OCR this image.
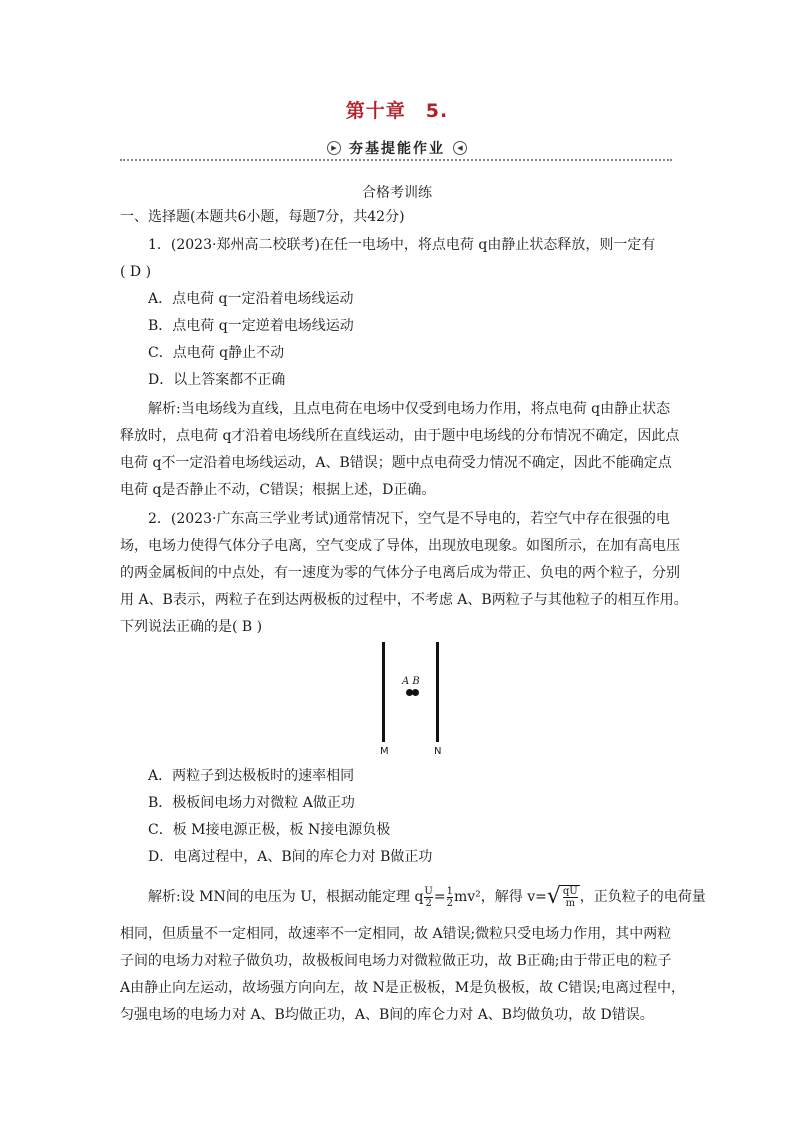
第十章　5.
▶ 夯基提能作业	◀
合格考训练
一、选择题(本题共6小题，每题7分，共42分)
1．(2023·郑州高二校联考)在任一电场中，将点电荷 q由静止状态释放，则一定有
( D )
A．点电荷 q一定沿着电场线运动
B．点电荷 q一定逆着电场线运动
C．点电荷 q静止不动
D．以上答案都不正确
解析:当电场线为直线，且点电荷在电场中仅受到电场力作用，将点电荷 q由静止状态
释放时，点电荷 q才沿着电场线所在直线运动，由于题中电场线的分布情况不确定，因此点
电荷 q不一定沿着电场线运动，A、B错误；题中点电荷受力情况不确定，因此不能确定点
电荷 q是否静止不动，C错误；根据上述，D正确。
2．(2023·广东高三学业考试)通常情况下，空气是不导电的，若空气中存在很强的电
场，电场力使得气体分子电离，空气变成了导体，出现放电现象。如图所示，在加有高电压
的两金属板间的中点处，有一速度为零的气体分子电离后成为带正、负电的两个粒子，分别
用 A、B表示，两粒子在到达两极板的过程中，不考虑 A、B两粒子与其他粒子的相互作用。
下列说法正确的是( B )
A B
M	N
A．两粒子到达极板时的速率相同
B．极板间电场力对微粒 A做正功
C．板 M接电源正极，板 N接电源负极
D．电离过程中，A、B间的库仑力对 B做正功
解析:设 MN间的电压为 U，根据动能定理 q $\frac{U}{2} = \frac{1}{2} mv^2$，解得 $v=√ \frac{qU}{m}$ ，正负粒子的电荷量
相同，但质量不一定相同，故速率不一定相同，故 A错误;微粒只受电场力作用，其中两粒
子间的电场力对粒子做负功，故极板间电场力对微粒做正功，故 B正确;由于带正电的粒子
A由静止向左运动，故场强方向向左，故 N是正极板，M是负极板，故 C错误;电离过程中，
匀强电场的电场力对 A、B均做正功，A、B间的库仑力对 A、B均做负功，故 D错误。
